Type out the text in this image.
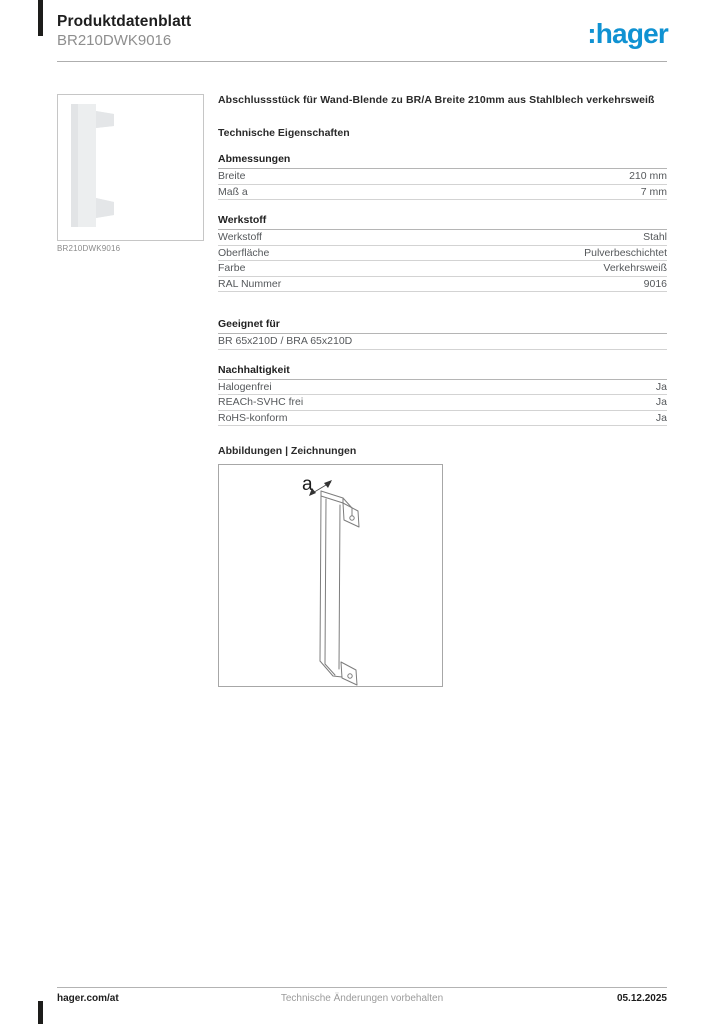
Produktdatenblatt
BR210DWK9016	:hager
BR210DWK9016
Abschlussstück für Wand-Blende zu BR/A Breite 210mm aus Stahlblech verkehrsweiß
Technische Eigenschaften
Abmessungen
Breite	210 mm
Maß a	7 mm
Werkstoff
Werkstoff	Stahl
Oberfläche	Pulverbeschichtet
Farbe	Verkehrsweiß
RAL Nummer	9016
Geeignet für
BR 65x210D / BRA 65x210D
Nachhaltigkeit
Halogenfrei	Ja
REACh-SVHC frei	Ja
RoHS-konform	Ja
Abbildungen | Zeichnungen
a
hager.com/at	Technische Änderungen vorbehalten	05.12.2025
